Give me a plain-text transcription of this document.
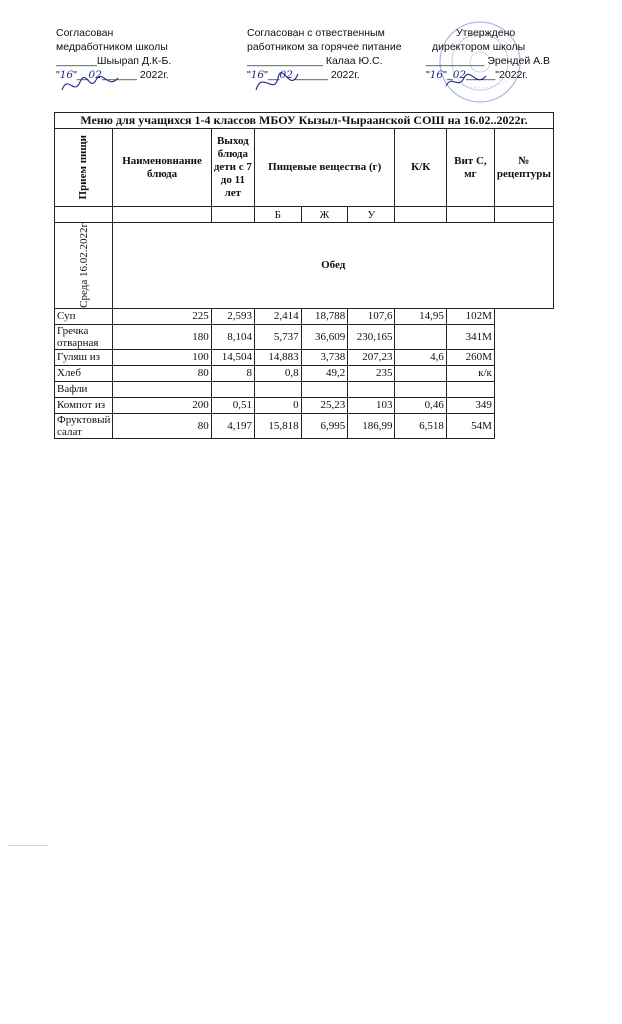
Согласован
медработником школы
_______Шыырап Д.К-Б.
"16"__02______ 2022г.
Согласован с отвественным
работником за горячее питание
_____________ Калаа Ю.С.
"16"__02______ 2022г.
Утверждено
директором школы
__________ Эрендей А.В
"16"_02_____"2022г.
Меню для учащихся 1-4 классов МБОУ Кызыл-Чыраанской СОШ на 16.02..2022г.								

Прием пищи	Наименовнание блюда	Выход блюда дети с 7 до 11 лет	Пищевые вещества (г)			К/К	Вит С, мг	№ рецептуры
			Б	Ж	У			

Среда 16.02.2022г	Обед							
Суп	225	2,593	2,414	18,788	107,6	14,95	102М	
Гречка отварная	180	8,104	5,737	36,609	230,165		341М	
Гуляш из	100	14,504	14,883	3,738	207,23	4,6	260М	
Хлеб	80	8	0,8	49,2	235		к/к	
Вафли								
Компот из	200	0,51	0	25,23	103	0,46	349	
Фруктовый салат	80	4,197	15,818	6,995	186,99	6,518	54М	
